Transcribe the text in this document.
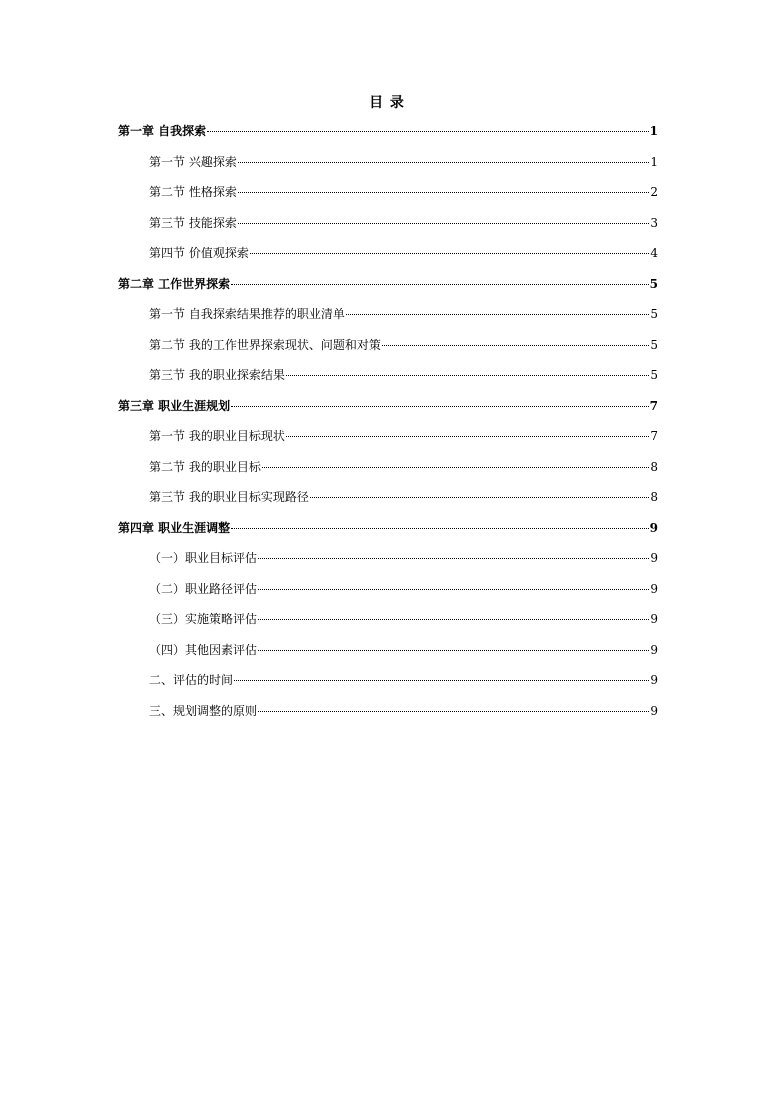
目 录
第一章 自我探索	1
第一节 兴趣探索	1
第二节 性格探索	2
第三节 技能探索	3
第四节 价值观探索	4
第二章 工作世界探索	5
第一节 自我探索结果推荐的职业清单	5
第二节 我的工作世界探索现状、问题和对策	5
第三节 我的职业探索结果	5
第三章 职业生涯规划	7
第一节 我的职业目标现状	7
第二节 我的职业目标	8
第三节 我的职业目标实现路径	8
第四章 职业生涯调整	9
（一）职业目标评估	9
（二）职业路径评估	9
（三）实施策略评估	9
（四）其他因素评估	9
二、评估的时间	9
三、规划调整的原则	9
